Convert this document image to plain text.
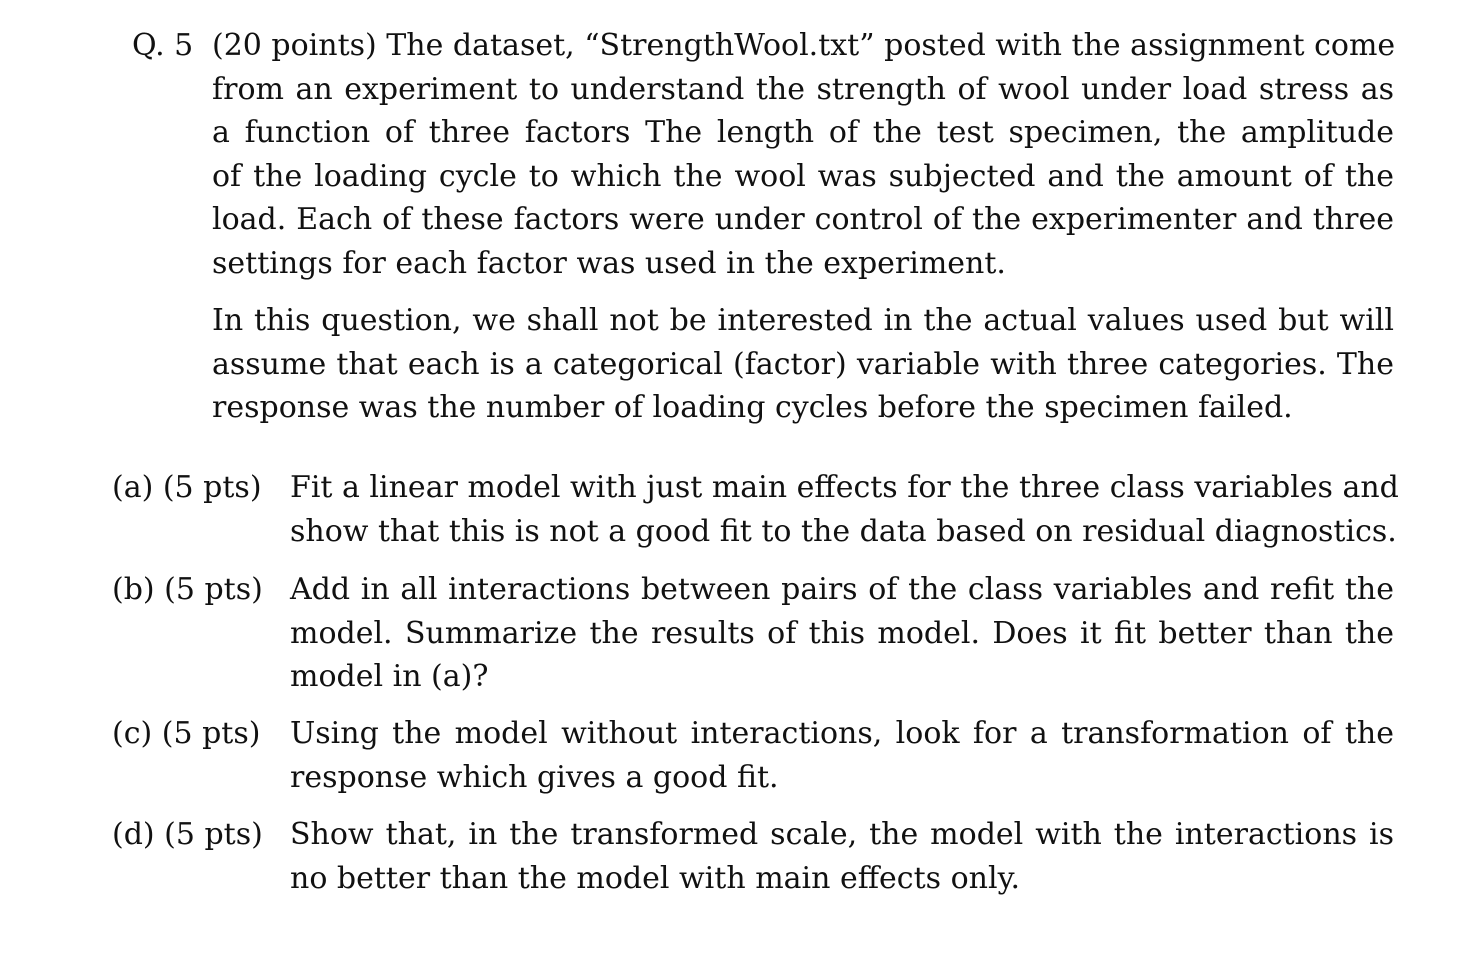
Q. 5 (20 points) The dataset, “StrengthWool.txt” posted with the assignment come
from an experiment to understand the strength of wool under load stress as
a function of three factors The length of the test specimen, the amplitude
of the loading cycle to which the wool was subjected and the amount of the
load. Each of these factors were under control of the experimenter and three
settings for each factor was used in the experiment.
In this question, we shall not be interested in the actual values used but will
assume that each is a categorical (factor) variable with three categories. The
response was the number of loading cycles before the specimen failed.
(a) (5 pts) Fit a linear model with just main effects for the three class variables and
show that this is not a good fit to the data based on residual diagnostics.
(b) (5 pts) Add in all interactions between pairs of the class variables and refit the
model. Summarize the results of this model. Does it fit better than the
model in (a)?
(c) (5 pts) Using the model without interactions, look for a transformation of the
response which gives a good fit.
(d) (5 pts) Show that, in the transformed scale, the model with the interactions is
no better than the model with main effects only.
